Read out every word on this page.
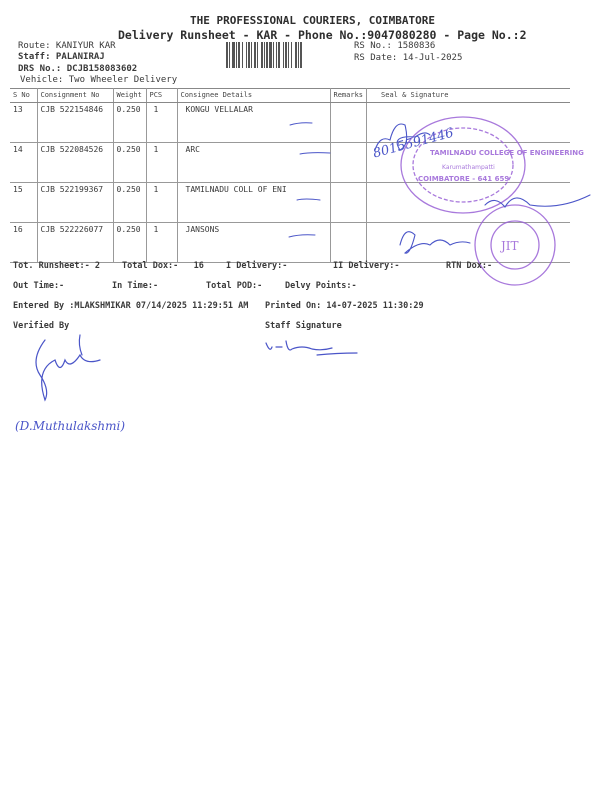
THE PROFESSIONAL COURIERS, COIMBATORE
Delivery Runsheet - KAR - Phone No.:9047080280 - Page No.:2
Route: KANIYUR KAR
Staff: PALANIRAJ
DRS No.: DCJB158083602
Vehicle: Two Wheeler Delivery
RS No.: 1580836
RS Date: 14-Jul-2025
S No	Consignment No	Weight	PCS	Consignee Details	Remarks	Seal & Signature
13	CJB 522154846	0.250	1	KONGU VELLALAR		
14	CJB 522084526	0.250	1	ARC		
15	CJB 522199367	0.250	1	TAMILNADU COLL OF ENI		
16	CJB 522226077	0.250	1	JANSONS		
TAMILNADU COLLEGE OF ENGINEERING
Karumathampatti
COIMBATORE - 641 659
JIT
8015591446
Tot. Runsheet:- 2	Total Dox:-   16	I Delivery:-	II Delivery:-	RTN Dox:-
Out Time:-	In Time:-	Total POD:-	Delvy Points:-
Entered By :MLAKSHMIKAR 07/14/2025 11:29:51 AM Printed On: 14-07-2025 11:30:29
Verified By	Staff Signature
(D.Muthulakshmi)
